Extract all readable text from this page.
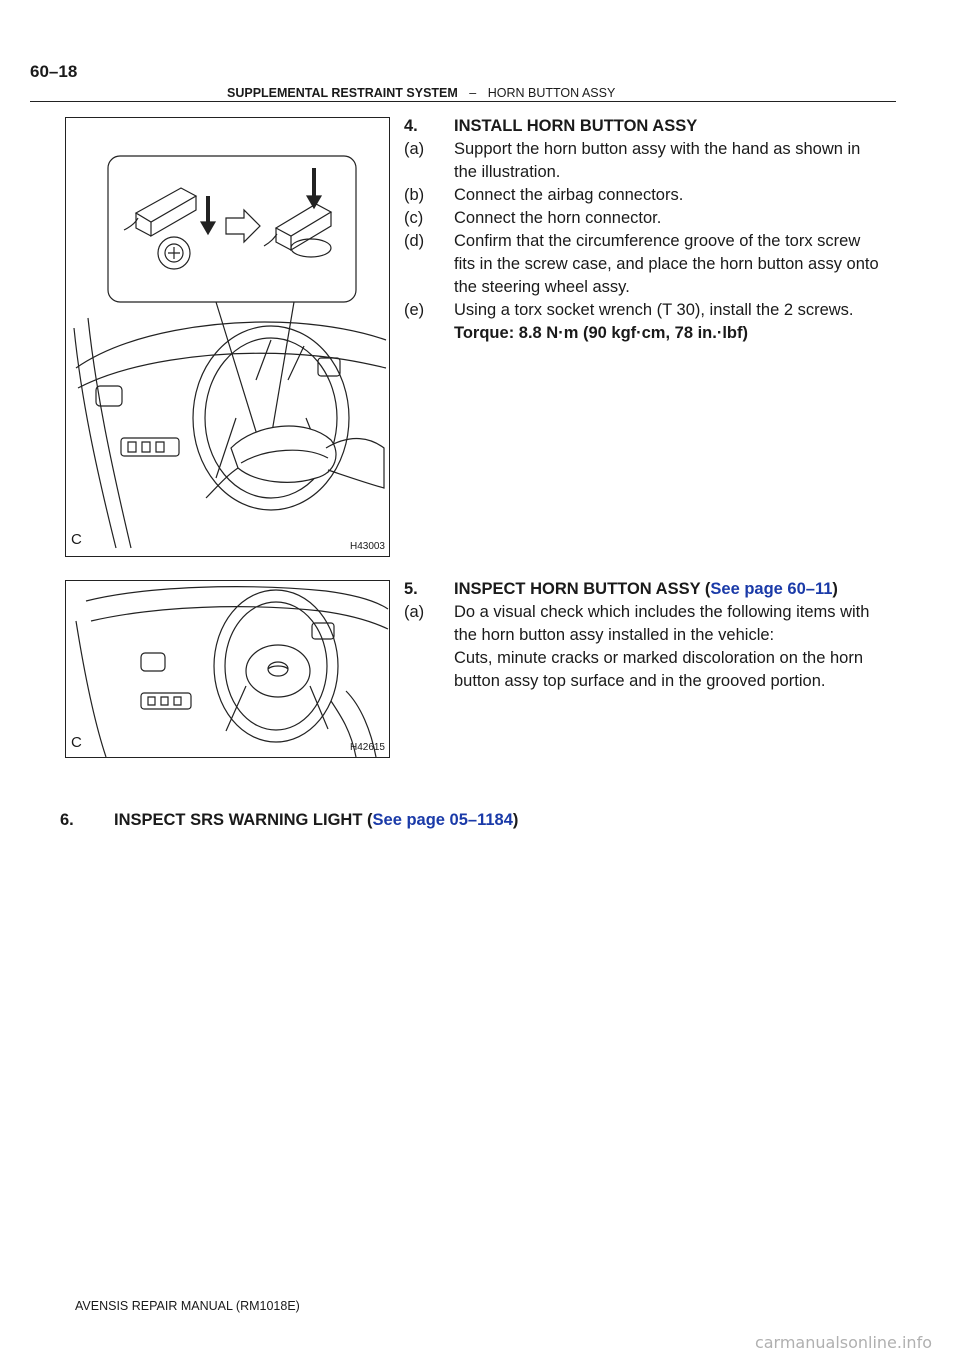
60–18
SUPPLEMENTAL RESTRAINT SYSTEM – HORN BUTTON ASSY
C	H43003
C	H42615
4.	INSTALL HORN BUTTON ASSY
(a)	Support the horn button assy with the hand as shown in
the illustration.
(b)	Connect the airbag connectors.
(c)	Connect the horn connector.
(d)	Confirm that the circumference groove of the torx screw
fits in the screw case, and place the horn button assy onto
the steering wheel assy.
(e)	Using a torx socket wrench (T 30), install the 2 screws.
Torque: 8.8 N·m (90 kgf·cm, 78 in.·lbf)
5.	INSPECT HORN BUTTON ASSY (See page 60–11)
(a)	Do a visual check which includes the following items with
the horn button assy installed in the vehicle:
Cuts, minute cracks or marked discoloration on the horn
button assy top surface and in the grooved portion.
6.	INSPECT SRS WARNING LIGHT (See page 05–1184)
AVENSIS REPAIR MANUAL (RM1018E)
carmanualsonline.info
